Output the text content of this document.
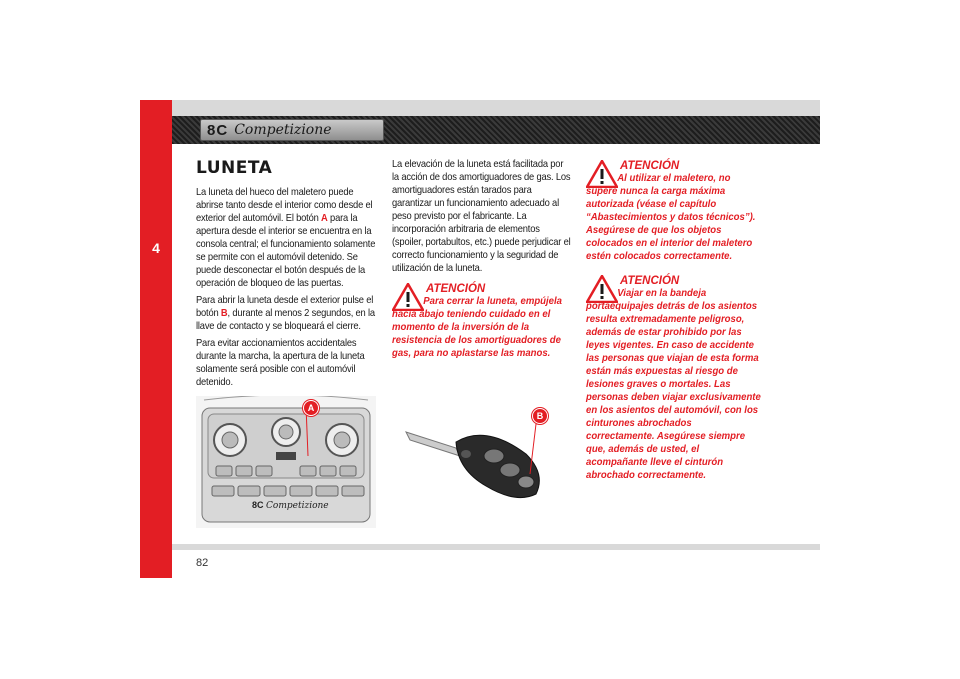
4
8C Competizione
LUNETA

La luneta del hueco del maletero puede abrirse tanto desde el interior como desde el exterior del automóvil. El botón A para la apertura desde el interior se encuentra en la consola central; el funcionamiento solamente se permite con el automóvil detenido. Se puede desconectar el botón después de la operación de bloqueo de las puertas.

Para abrir la luneta desde el exterior pulse el botón B, durante al menos 2 segundos, en la llave de contacto y se bloqueará el cierre.

Para evitar accionamientos accidentales durante la marcha, la apertura de la luneta solamente será posible con el automóvil detenido.

La elevación de la luneta está facilitada por la acción de dos amortiguadores de gas. Los amortiguadores están tarados para garantizar un funcionamiento adecuado al peso previsto por el fabricante. La incorporación arbitraria de elementos (spoiler, portabultos, etc.) puede perjudicar el correcto funcionamiento y la seguridad de utilización de la luneta.

ATENCIÓN

Para cerrar la luneta, empújela
hacia abajo teniendo cuidado en el momento de la inversión de la resistencia de los amortiguadores de gas, para no aplastarse las manos.

ATENCIÓN

Al utilizar el maletero, no
supere nunca la carga máxima autorizada (véase el capítulo “Abastecimientos y datos técnicos”). Asegúrese de que los objetos colocados en el interior del maletero estén colocados correctamente.

ATENCIÓN

Viajar en la bandeja
portaequipajes detrás de los asientos resulta extremadamente peligroso, además de estar prohibido por las leyes vigentes. En caso de accidente las personas que viajan de esta forma están más expuestas al riesgo de lesiones graves o mortales. Las personas deben viajar exclusivamente en los asientos del automóvil, con los cinturones abrochados correctamente. Asegúrese siempre que, además de usted, el acompañante lleve el cinturón abrochado correctamente.

A
8C Competizione
B
82
